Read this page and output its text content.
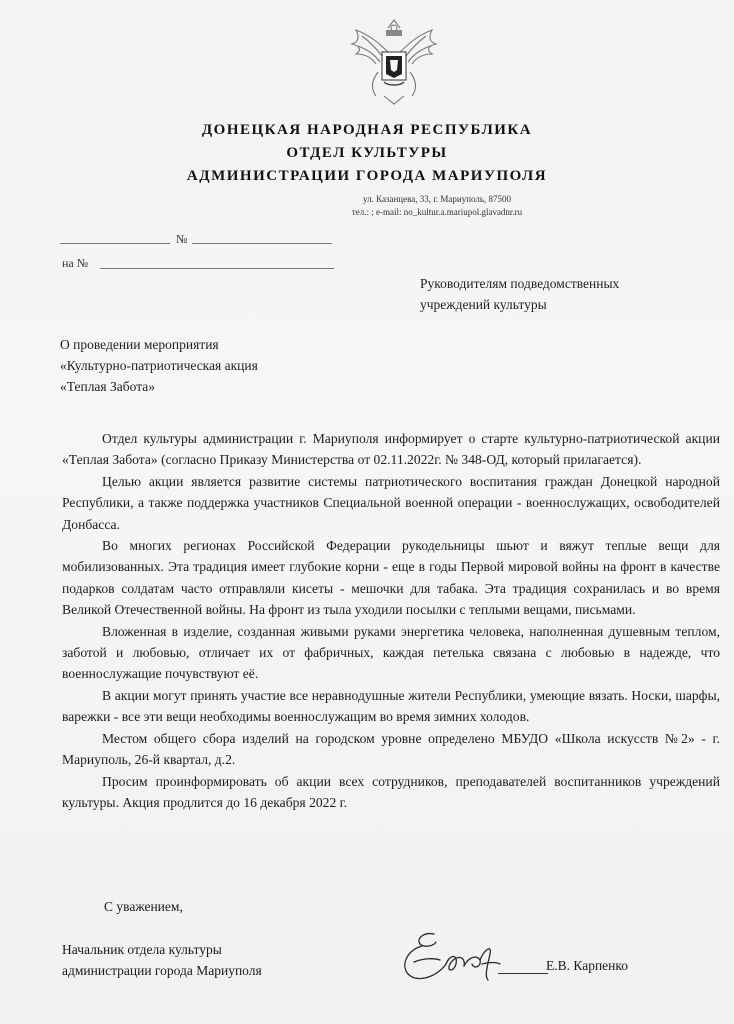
ДОНЕЦКАЯ НАРОДНАЯ РЕСПУБЛИКА
ОТДЕЛ КУЛЬТУРЫ
АДМИНИСТРАЦИИ ГОРОДА МАРИУПОЛЯ
ул. Казанцева, 33, г. Мариуполь, 87500
тел.: ; e-mail: no_kultur.a.mariupol.glavadnr.ru
№
на №
Руководителям подведомственных
учреждений культуры
О проведении мероприятия
«Культурно-патриотическая акция
«Теплая Забота»

Отдел культуры администрации г. Мариуполя информирует о старте культурно-патриотической акции «Теплая Забота» (согласно Приказу Министерства от 02.11.2022г. № 348-ОД, который прилагается).

Целью акции является развитие системы патриотического воспитания граждан Донецкой народной Республики, а также поддержка участников Специальной военной операции - военнослужащих, освободителей Донбасса.

Во многих регионах Российской Федерации рукодельницы шьют и вяжут теплые вещи для мобилизованных. Эта традиция имеет глубокие корни - еще в годы Первой мировой войны на фронт в качестве подарков солдатам часто отправляли кисеты - мешочки для табака. Эта традиция сохранилась и во время Великой Отечественной войны. На фронт из тыла уходили посылки с теплыми вещами, письмами.

Вложенная в изделие, созданная живыми руками энергетика человека, наполненная душевным теплом, заботой и любовью, отличает их от фабричных, каждая петелька связана с любовью в надежде, что военнослужащие почувствуют её.

В акции могут принять участие все неравнодушные жители Республики, умеющие вязать. Носки, шарфы, варежки - все эти вещи необходимы военнослужащим во время зимних холодов.

Местом общего сбора изделий на городском уровне определено МБУДО «Школа искусств №2» - г. Мариуполь, 26-й квартал, д.2.

Просим проинформировать об акции всех сотрудников, преподавателей воспитанников учреждений культуры. Акция продлится до 16 декабря 2022 г.

С уважением,
Начальник отдела культуры
администрации города Мариуполя	Е.В. Карпенко
